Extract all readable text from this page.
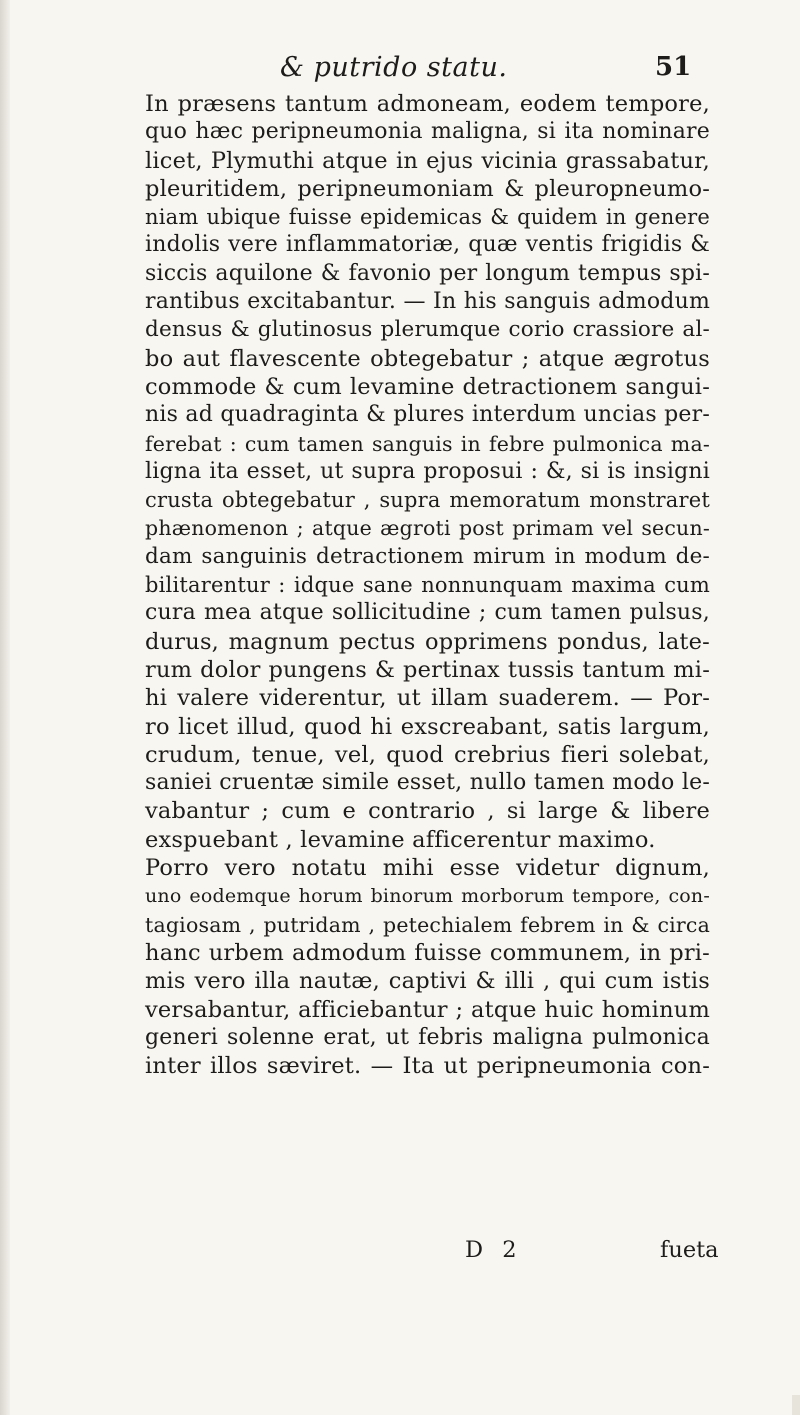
& putrido statu.	51
In præsens tantum admoneam, eodem tempore,
quo hæc peripneumonia maligna, si ita nominare
licet, Plymuthi atque in ejus vicinia grassabatur,
pleuritidem, peripneumoniam & pleuropneumo-
niam ubique fuisse epidemicas & quidem in genere
indolis vere inflammatoriæ, quæ ventis frigidis &
siccis aquilone & favonio per longum tempus spi-
rantibus excitabantur. — In his sanguis admodum
densus & glutinosus plerumque corio crassiore al-
bo aut flavescente obtegebatur ; atque ægrotus
commode & cum levamine detractionem sangui-
nis ad quadraginta & plures interdum uncias per-
ferebat : cum tamen sanguis in febre pulmonica ma-
ligna ita esset, ut supra proposui : &, si is insigni
crusta obtegebatur , supra memoratum monstraret
phænomenon ; atque ægroti post primam vel secun-
dam sanguinis detractionem mirum in modum de-
bilitarentur : idque sane nonnunquam maxima cum
cura mea atque sollicitudine ; cum tamen pulsus,
durus, magnum pectus opprimens pondus, late-
rum dolor pungens & pertinax tussis tantum mi-
hi valere viderentur, ut illam suaderem. — Por-
ro licet illud, quod hi exscreabant, satis largum,
crudum, tenue, vel, quod crebrius fieri solebat,
saniei cruentæ simile esset, nullo tamen modo le-
vabantur ; cum e contrario , si large & libere
exspuebant , levamine afficerentur maximo.
Porro vero notatu mihi esse videtur dignum,
uno eodemque horum binorum morborum tempore, con-
tagiosam , putridam , petechialem febrem in & circa
hanc urbem admodum fuisse communem, in pri-
mis vero illa nautæ, captivi & illi , qui cum istis
versabantur, afficiebantur ; atque huic hominum
generi solenne erat, ut febris maligna pulmonica
inter illos sæviret. — Ita ut peripneumonia con-
D 2	fueta
